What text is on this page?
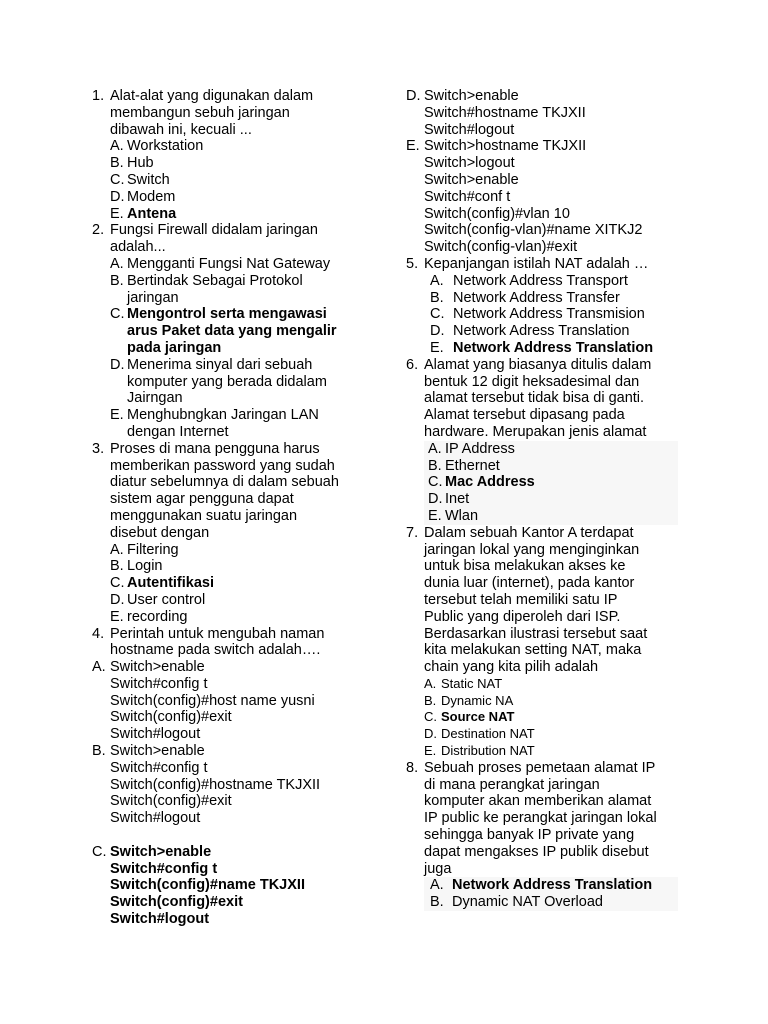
1. Alat-alat yang digunakan dalam
membangun sebuh jaringan
dibawah ini, kecuali ...
A. Workstation
B. Hub
C. Switch
D. Modem
E. Antena
2. Fungsi Firewall didalam jaringan
adalah...
A. Mengganti Fungsi Nat Gateway
B. Bertindak Sebagai Protokol
jaringan
C. Mengontrol serta mengawasi
arus Paket data yang mengalir
pada jaringan
D. Menerima sinyal dari sebuah
komputer yang berada didalam
Jairngan
E. Menghubngkan Jaringan LAN
dengan Internet
3. Proses di mana pengguna harus
memberikan password yang sudah
diatur sebelumnya di dalam sebuah
sistem agar pengguna dapat
menggunakan suatu jaringan
disebut dengan
A. Filtering
B. Login
C. Autentifikasi
D. User control
E. recording
4. Perintah untuk mengubah naman
hostname pada switch adalah….
A. Switch>enable
Switch#config t
Switch(config)#host name yusni
Switch(config)#exit
Switch#logout
B. Switch>enable
Switch#config t
Switch(config)#hostname TKJXII
Switch(config)#exit
Switch#logout
C. Switch>enable
Switch#config t
Switch(config)#name TKJXII
Switch(config)#exit
Switch#logout
D. Switch>enable
Switch#hostname TKJXII
Switch#logout
E. Switch>hostname TKJXII
Switch>logout
Switch>enable
Switch#conf t
Switch(config)#vlan 10
Switch(config-vlan)#name XITKJ2
Switch(config-vlan)#exit
5. Kepanjangan istilah NAT adalah …
A. Network Address Transport
B. Network Address Transfer
C. Network Address Transmision
D. Network Adress Translation
E. Network Address Translation
6. Alamat yang biasanya ditulis dalam
bentuk 12 digit heksadesimal dan
alamat tersebut tidak bisa di ganti.
Alamat tersebut dipasang pada
hardware. Merupakan jenis alamat
A. IP Address
B. Ethernet
C. Mac Address
D. Inet
E. Wlan
7. Dalam sebuah Kantor A terdapat
jaringan lokal yang menginginkan
untuk bisa melakukan akses ke
dunia luar (internet), pada kantor
tersebut telah memiliki satu IP
Public yang diperoleh dari ISP.
Berdasarkan ilustrasi tersebut saat
kita melakukan setting NAT, maka
chain yang kita pilih adalah
A. Static NAT
B. Dynamic NA
C. Source NAT
D. Destination NAT
E. Distribution NAT
8. Sebuah proses pemetaan alamat IP
di mana perangkat jaringan
komputer akan memberikan alamat
IP public ke perangkat jaringan lokal
sehingga banyak IP private yang
dapat mengakses IP publik disebut
juga
A. Network Address Translation
B. Dynamic NAT Overload
